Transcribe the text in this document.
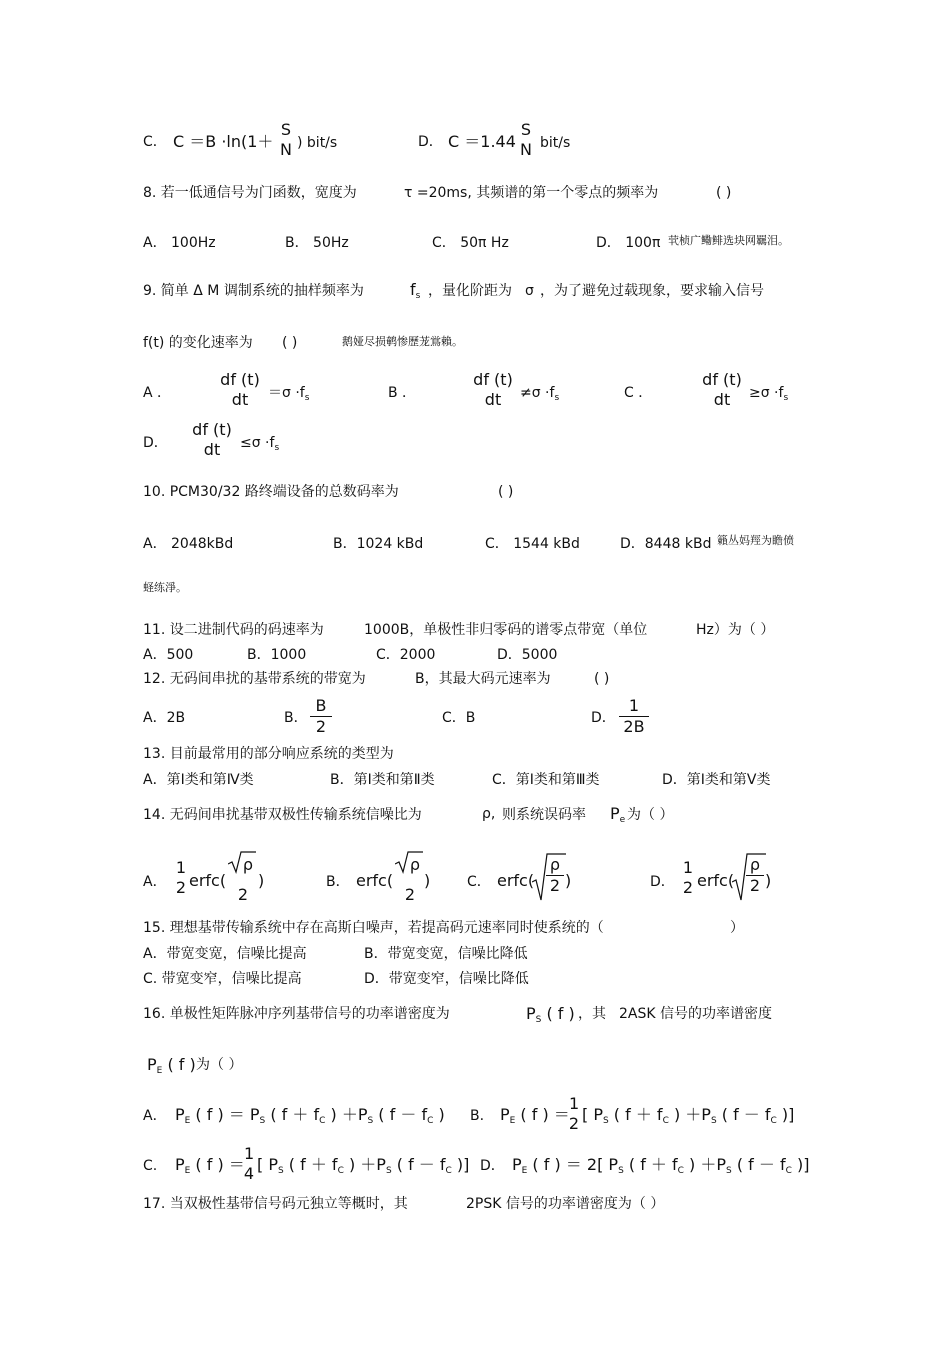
C． C ＝B ·ln(1＋
S
N ) bit/s	D． C ＝1.44
S
N bit/s
8. 若一低通信号为门函数，宽度为	τ =20ms, 其频谱的第一个零点的频率为	( )
A． 100Hz	B． 50Hz	C． 50π Hz	D． 100π 茕桢广鳓鲱选块网羈泪。
9. 简单 Δ M 调制系统的抽样频率为	$f_s$ ，量化阶距为 σ ，为了避免过载现象，要求输入信号
f(t) 的变化速率为 ( )	鹅娅尽损鹌惨歷茏鴬賴。
A ．
df (t)
dt	$=\sigma \cdot f_s$	B ．
df (t)
dt	$\ne\sigma \cdot f_s$	C ．
df (t)
dt	$\ge\sigma \cdot f_s$
D．
df (t)
dt	$\le\sigma \cdot f_s$
10. PCM30/32 路终端设备的总数码率为	( )
A． 2048kBd	B．1024 kBd	C． 1544 kBd	D．8448 kBd 籟丛妈羥为瞻偾
蛏练淨。
11. 设二进制代码的码速率为	1000B，单极性非归零码的谱零点带宽（单位	Hz）为（ ）
A．500	B．1000	C．2000	D．5000
12. 无码间串扰的基带系统的带宽为	B，其最大码元速率为	( )
A．2B	B． $\frac{B}{2}$	C．B	D． $\frac{1}{2B}$
13. 目前最常用的部分响应系统的类型为
A．第Ⅰ类和第Ⅳ类	B．第Ⅰ类和第Ⅱ类	C．第Ⅰ类和第Ⅲ类	D．第Ⅰ类和第Ⅴ类
14. 无码间串扰基带双极性传输系统信噪比为	ρ, 则系统误码率 $P_e$ 为（ ）
A．
1
2 erfc(
ρ
2
)	B． erfc(
ρ
2
)	C． erfc( $\frac{\rho}{2}$ )	D．
1
2 erfc( $\frac{\rho}{2}$ )
15. 理想基带传输系统中存在高斯白噪声，若提高码元速率同时使系统的（	）
A．带宽变宽，信噪比提高	B．带宽变宽，信噪比降低
C. 带宽变窄，信噪比提高	D．带宽变窄，信噪比降低
16. 单极性矩阵脉冲序列基带信号的功率谱密度为	$P_S$ ( f ) ，其 2ASK 信号的功率谱密度
$P_E$ ( f ) 为（ ）
A． $P_E$ ( f ) ＝ $P_S$ ( $f + f_C$ ) $+P_S$ ( $f - f_C$ ) B. $P_E$ ( f ) ＝
1
2 [ $P_S$ ( $f + f_C$ ) $+P_S$ ( $f - f_C$ )]
C. $P_E$ ( f ) ＝
1
4 [ $P_S$ ( $f + f_C$ ) $+P_S$ ( $f - f_C$ )] D． $P_E$ ( f ) ＝ 2[ $P_S$ ( $f + f_C$ ) $+P_S$ ( $f - f_C$ )]
17. 当双极性基带信号码元独立等概时，其	2PSK 信号的功率谱密度为（ ）
